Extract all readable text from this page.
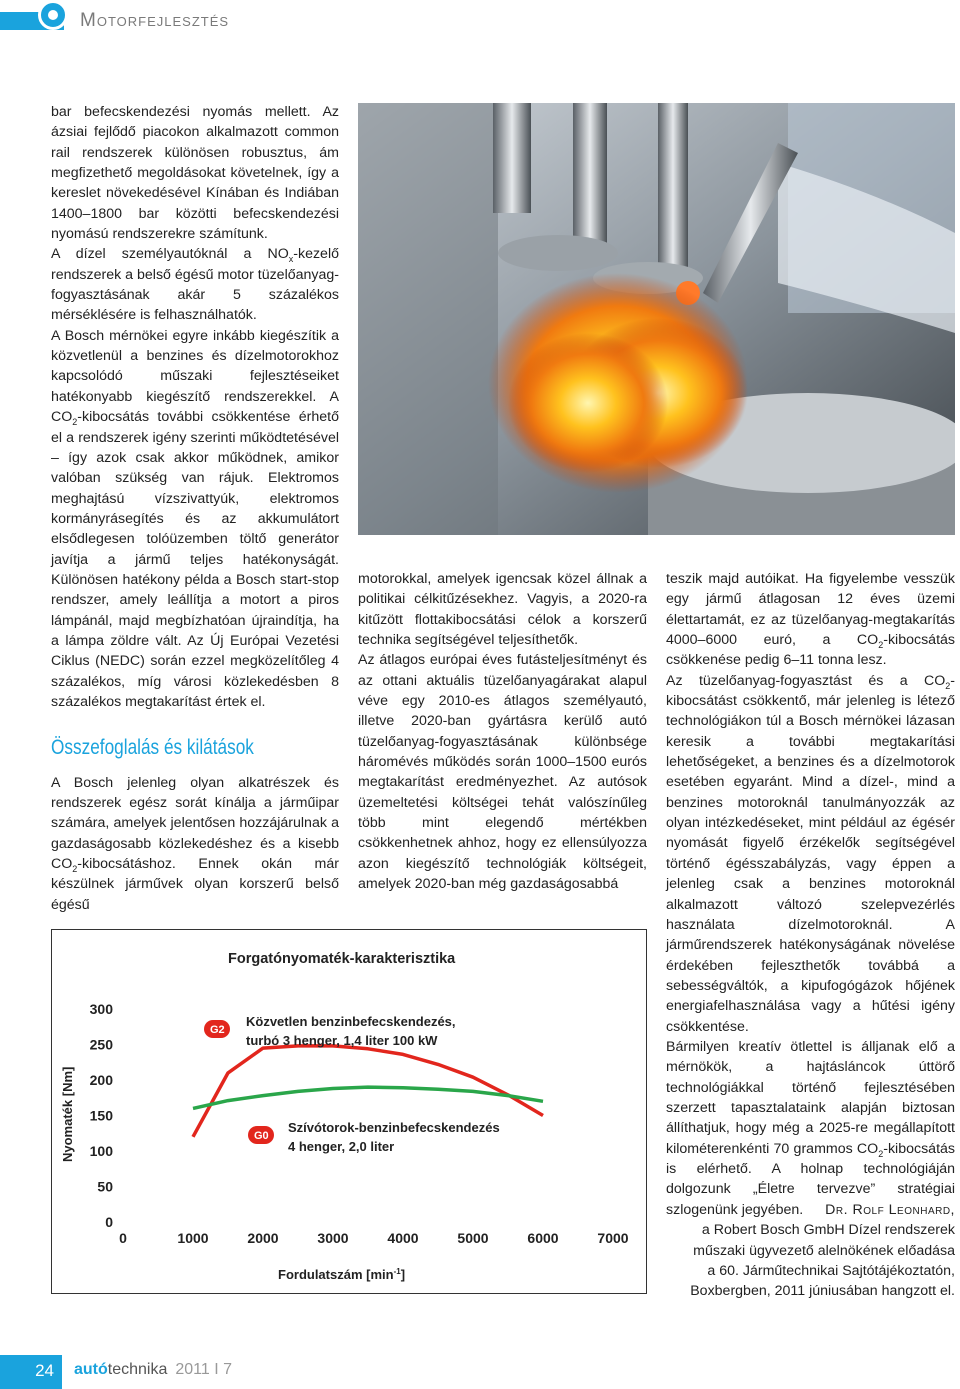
Motorfejlesztés

bar befecskendezési nyomás mellett. Az ázsiai fejlődő piacokon alkalmazott common rail rendszerek különösen robusztus, ám megfizethető megoldásokat követelnek, így a kereslet növekedésével Kínában és Indiában 1400–1800 bar közötti befecskendezési nyomású rendszerekre számítunk.

A dízel személyautóknál a $NO_x$-kezelő rendszerek a belső égésű motor tüzelőanyag-fogyasztásának akár 5 százalékos mérséklésére is felhasználhatók.

A Bosch mérnökei egyre inkább kiegészítik a közvetlenül a benzines és dízelmotorokhoz kapcsolódó műszaki fejlesztéseiket hatékonyabb kiegészítő rendszerekkel. A $CO_2$-kibocsátás további csökkentése érhető el a rendszerek igény szerinti működtetésével – így azok csak akkor működnek, amikor valóban szükség van rájuk. Elektromos meghajtású vízszivattyúk, elektromos kormányrásegítés és az akkumulátort elsődlegesen tolóüzemben töltő generátor javítja a jármű teljes hatékonyságát. Különösen hatékony példa a Bosch start-stop rendszer, amely leállítja a motort a piros lámpánál, majd megbízhatóan újraindítja, ha a lámpa zöldre vált. Az Új Európai Vezetési Ciklus (NEDC) során ezzel megközelítőleg 4 százalékos, míg városi közlekedésben 8 százalékos megtakarítást értek el.

Összefoglalás és kilátások

A Bosch jelenleg olyan alkatrészek és rendszerek egész sorát kínálja a járműipar számára, amelyek jelentősen hozzájárulnak a gazdaságosabb közlekedéshez és a kisebb $CO_2$-kibocsátáshoz. Ennek okán már készülnek járművek olyan korszerű belső égésű

motorokkal, amelyek igencsak közel állnak a politikai célkitűzésekhez. Vagyis, a 2020-ra kitűzött flottakibocsátási célok a korszerű technika segítségével teljesíthetők.

Az átlagos európai éves futásteljesítményt és az ottani aktuális tüzelőanyagárakat alapul véve egy 2010-es átlagos személyautó, illetve 2020-ban gyártásra kerülő autó tüzelőanyag-fogyasztásának különbsége háromévés működés során 1000–1500 eurós megtakarítást eredményezhet. Az autósok üzemeltetési költségei tehát valószínűleg több mint elegendő mértékben csökkenhetnek ahhoz, hogy ez ellensúlyozza azon kiegészítő technológiák költségeit, amelyek 2020-ban még gazdaságosabbá

teszik majd autóikat. Ha figyelembe vesszük egy jármű átlagosan 12 éves üzemi élettartamát, ez az tüzelőanyag-megtakarítás 4000–6000 euró, a $CO_2$-kibocsátás csökkenése pedig 6–11 tonna lesz.

Az tüzelőanyag-fogyasztást és a $CO_2$-kibocsátást csökkentő, már jelenleg is létező technológiákon túl a Bosch mérnökei lázasan keresik a további megtakarítási lehetőségeket, a benzines és a dízelmotorok esetében egyaránt. Mind a dízel-, mind a benzines motoroknál tanulmányozzák az olyan intézkedéseket, mint például az égésér nyomását figyelő érzékelők segítségével történő égésszabályzás, vagy éppen a jelenleg csak a benzines motoroknál alkalmazott változó szelepvezérlés használata dízelmotoroknál. A járműrendszerek hatékonyságának növelése érdekében fejleszthetők továbbá a sebességváltók, a kipufogógázok hőjének energiafelhasználása vagy a hűtési igény csökkentése.

Bármilyen kreatív ötlettel is álljanak elő a mérnökök, a hajtásláncok úttörő technológiákkal történő fejlesztésében szerzett tapasztalataink alapján biztosan állíthatjuk, hogy még a 2025-re megállapított kilométerenkénti 70 grammos $CO_2$-kibocsátás is elérhető. A holnap technológiáján dolgozunk „Életre tervezve” stratégiai szlogenünk jegyében.	Dr. Rolf Leonhard,
a Robert Bosch GmbH Dízel rendszerek
műszaki ügyvezető alelnökének előadása
a 60. Járműtechnikai Sajtótájékoztatón,
Boxbergben, 2011 júniusában hangzott el.
Forgatónyomaték-karakterisztika
Nyomaték [Nm]
Fordulatszám $[\min^{-1}]$
0	1000	2000	3000	4000	5000	6000	7000
0
50
100
150
200
250
300
G2
Közvetlen benzinbefecskendezés,
turbó 3 henger, 1,4 liter 100 kW
G0
Szívótorok-benzinbefecskendezés
4 henger, 2,0 liter
24	autótechnika 2011 I 7
